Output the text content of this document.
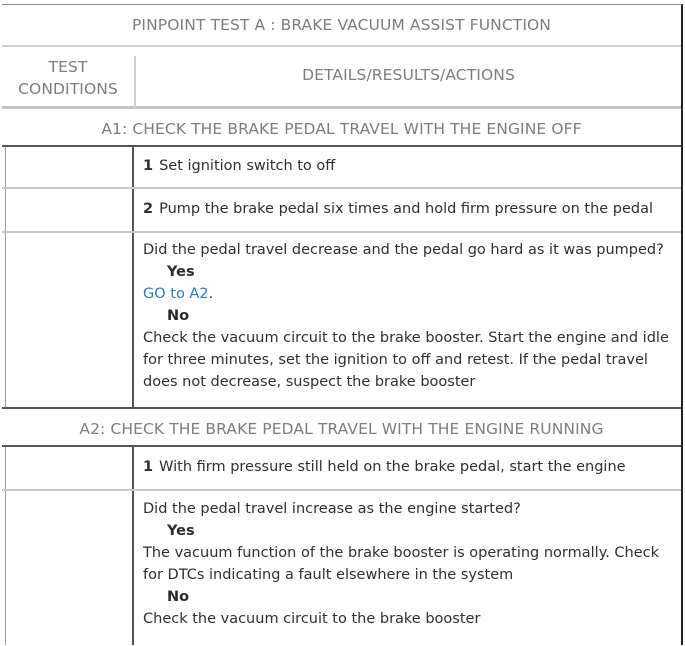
PINPOINT TEST A : BRAKE VACUUM ASSIST FUNCTION
TEST
CONDITIONS
DETAILS/RESULTS/ACTIONS
A1: CHECK THE BRAKE PEDAL TRAVEL WITH THE ENGINE OFF
1 Set ignition switch to off
2 Pump the brake pedal six times and hold firm pressure on the pedal
Did the pedal travel decrease and the pedal go hard as it was pumped?
Yes
GO to A2.
No
Check the vacuum circuit to the brake booster. Start the engine and idle
for three minutes, set the ignition to off and retest. If the pedal travel
does not decrease, suspect the brake booster
A2: CHECK THE BRAKE PEDAL TRAVEL WITH THE ENGINE RUNNING
1 With firm pressure still held on the brake pedal, start the engine
Did the pedal travel increase as the engine started?
Yes
The vacuum function of the brake booster is operating normally. Check
for DTCs indicating a fault elsewhere in the system
No
Check the vacuum circuit to the brake booster
